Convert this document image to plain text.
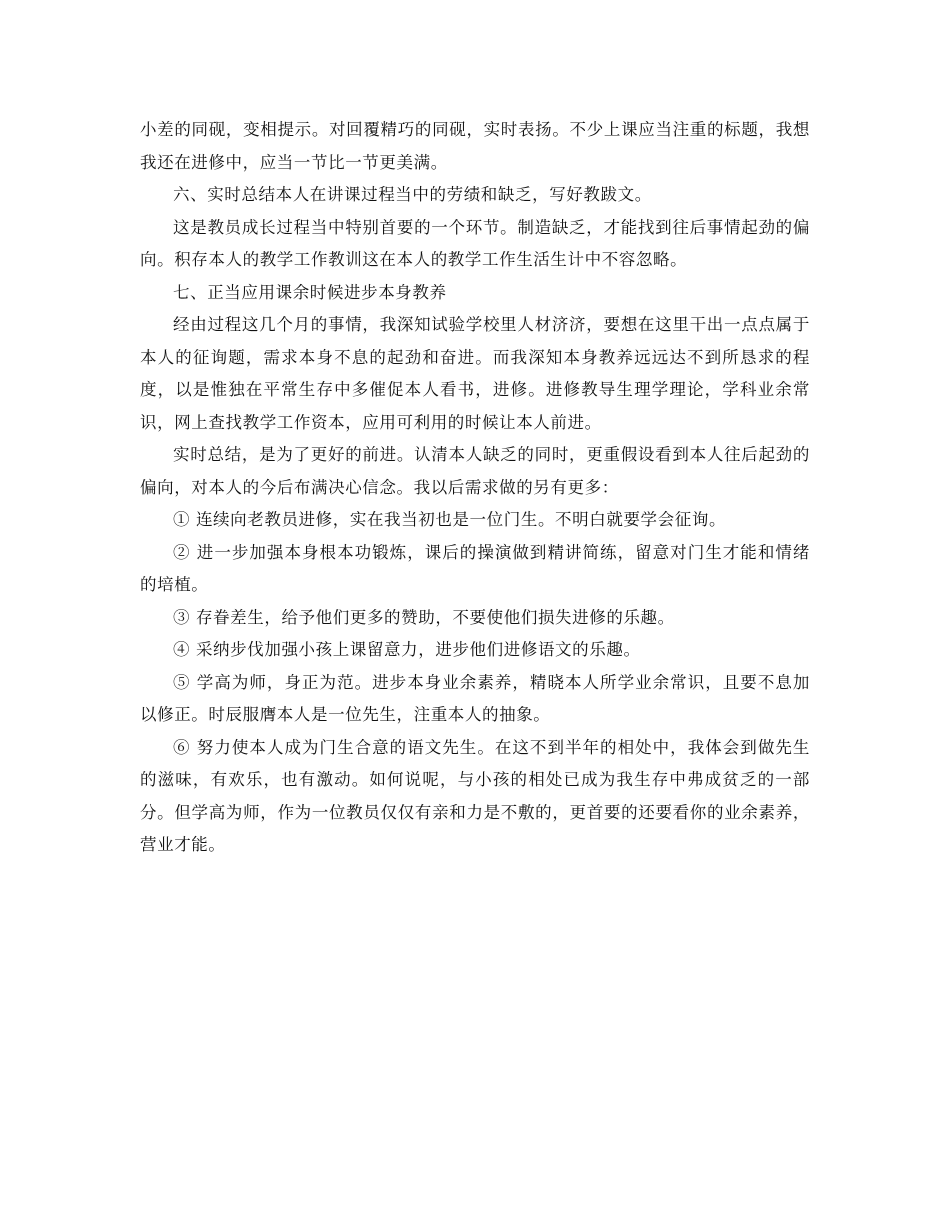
小差的同砚，变相提示。对回覆精巧的同砚，实时表扬。不少上课应当注重的标题，我想我还在进修中，应当一节比一节更美满。

六、实时总结本人在讲课过程当中的劳绩和缺乏，写好教跋文。

这是教员成长过程当中特别首要的一个环节。制造缺乏，才能找到往后事情起劲的偏向。积存本人的教学工作教训这在本人的教学工作生活生计中不容忽略。

七、正当应用课余时候进步本身教养

经由过程这几个月的事情，我深知试验学校里人材济济，要想在这里干出一点点属于本人的征询题，需求本身不息的起劲和奋进。而我深知本身教养远远达不到所恳求的程度，以是惟独在平常生存中多催促本人看书，进修。进修教导生理学理论，学科业余常识，网上查找教学工作资本，应用可利用的时候让本人前进。

实时总结，是为了更好的前进。认清本人缺乏的同时，更重假设看到本人往后起劲的偏向，对本人的今后布满决心信念。我以后需求做的另有更多：

① 连续向老教员进修，实在我当初也是一位门生。不明白就要学会征询。

② 进一步加强本身根本功锻炼，课后的操演做到精讲简练，留意对门生才能和情绪的培植。

③ 存眷差生，给予他们更多的赞助，不要使他们损失进修的乐趣。

④ 采纳步伐加强小孩上课留意力，进步他们进修语文的乐趣。

⑤ 学高为师，身正为范。进步本身业余素养，精晓本人所学业余常识，且要不息加以修正。时辰服膺本人是一位先生，注重本人的抽象。

⑥ 努力使本人成为门生合意的语文先生。在这不到半年的相处中，我体会到做先生的滋味，有欢乐，也有激动。如何说呢，与小孩的相处已成为我生存中弗成贫乏的一部分。但学高为师，作为一位教员仅仅有亲和力是不敷的，更首要的还要看你的业余素养，营业才能。
